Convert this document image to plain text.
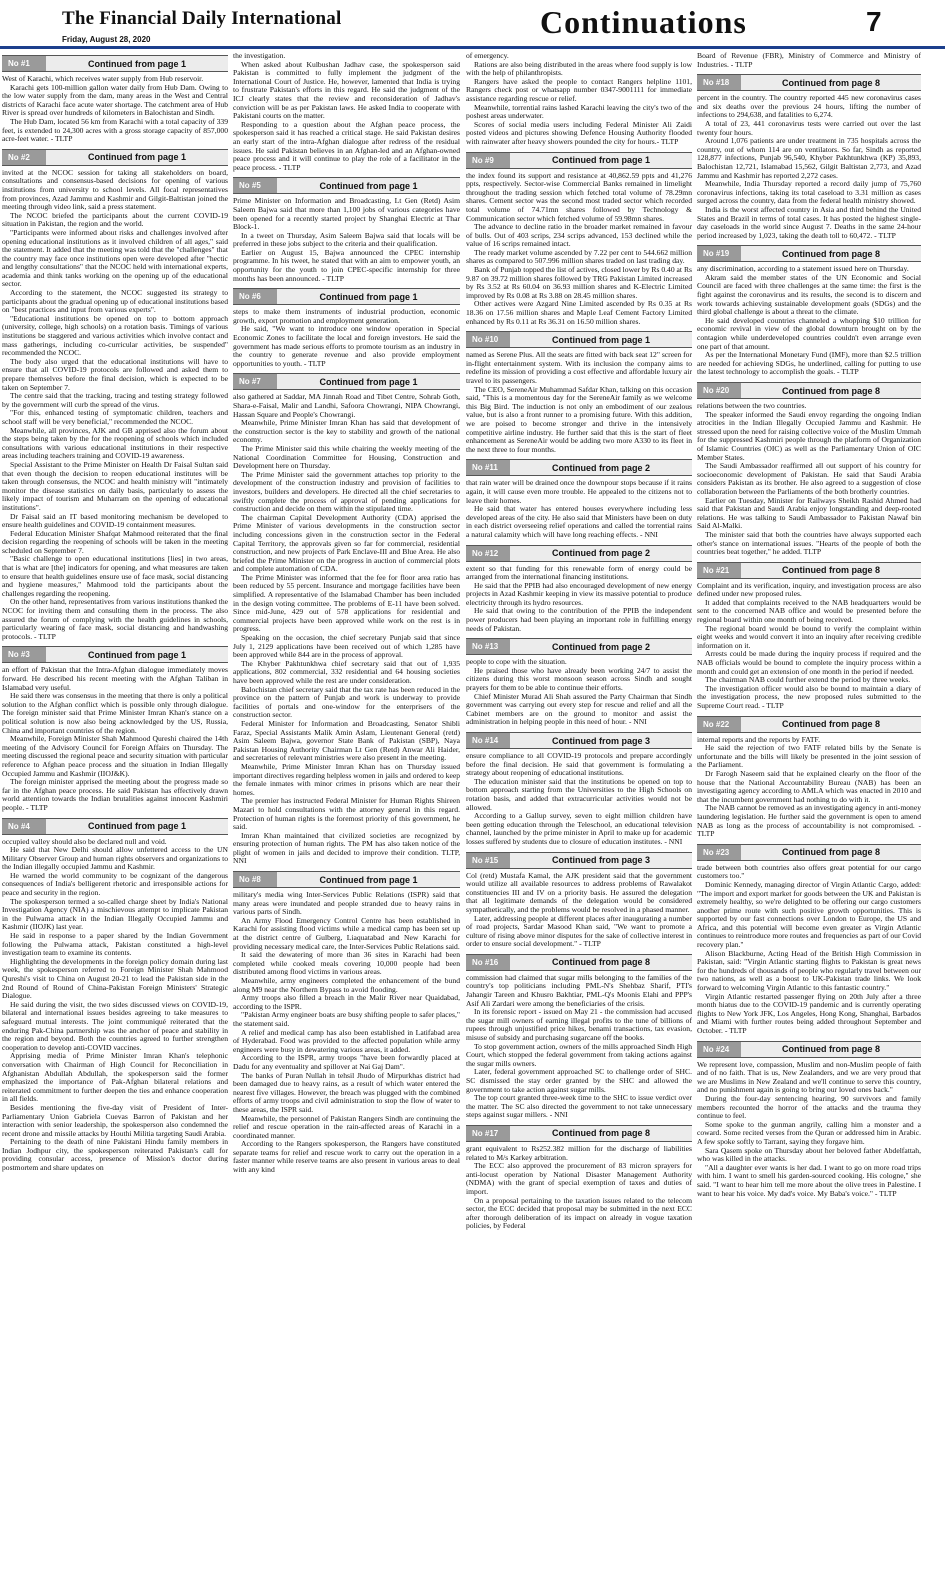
The Financial Daily International
Friday, August 28, 2020	Continuations	7
No #1	Continued from page 1

West of Karachi, which receives water supply from Hub reservoir.

Karachi gets 100-million gallon water daily from Hub Dam. Owing to the low water supply from the dam, many areas in the West and Central districts of Karachi face acute water shortage. The catchment area of Hub River is spread over hundreds of kilometers in Balochistan and Sindh.

The Hub Dam, located 56 km from Karachi with a total capacity of 339 feet, is extended to 24,300 acres with a gross storage capacity of 857,000 acre-feet water. - TLTP

No #2	Continued from page 1

invited at the NCOC session for taking all stakeholders on board, consultations and consensus-based decisions for opening of various institutions from university to school levels. All focal representatives from provinces, Azad Jammu and Kashmir and Gilgit-Baltistan joined the meeting through video link, said a press statement.

The NCOC briefed the participants about the current COVID-19 situation in Pakistan, the region and the world.

"Participants were informed about risks and challenges involved after opening educational institutions as it involved children of all ages," said the statement. It added that the meeting was told that the "challenges" that the country may face once institutions open were developed after "hectic and lengthy consultations" that the NCOC held with international experts, academia and think tanks working on the opening up of the educational sector.

According to the statement, the NCOC suggested its strategy to participants about the gradual opening up of educational institutions based on "best practices and input from various experts".

"Educational institutions be opened on top to bottom approach (university, college, high schools) on a rotation basis. Timings of various institutions be staggered and various activities which involve contact and mass gatherings, including co-curricular activities, be suspended" recommended the NCOC.

The body also urged that the educational institutions will have to ensure that all COVID-19 protocols are followed and asked them to prepare themselves before the final decision, which is expected to be taken on September 7.

The centre said that the tracking, tracing and testing strategy followed by the government will curb the spread of the virus.

"For this, enhanced testing of symptomatic children, teachers and school staff will be very beneficial," recommended the NCOC.

Meanwhile, all provinces, AJK and GB apprised also the forum about the steps being taken by the for the reopening of schools which included consultations with various educational institutions in their respective areas including teachers training and COVID-19 awareness.

Special Assistant to the Prime Minister on Health Dr Faisal Sultan said that even though the decision to reopen educational institutes will be taken through consensus, the NCOC and health ministry will "intimately monitor the disease statistics on daily basis, particularly to assess the likely impact of tourism and Muharram on the opening of educational institutions".

Dr Faisal said an IT based monitoring mechanism be developed to ensure health guidelines and COVID-19 containment measures.

Federal Education Minister Shafqat Mahmood reiterated that the final decision regarding the reopening of schools will be taken in the meeting scheduled on September 7.

"Basic challenge to open educational institutions [lies] in two areas, that is what are [the] indicators for opening, and what measures are taken to ensure that health guidelines ensure use of face mask, social distancing and hygiene measures," Mahmood told the participants about the challenges regarding the reopening.

On the other hand, representatives from various institutions thanked the NCOC for inviting them and consulting them in the process. The also assured the forum of complying with the health guidelines in schools, particularly wearing of face mask, social distancing and handwashing protocols. - TLTP

No #3	Continued from page 1

an effort of Pakistan that the Intra-Afghan dialogue immediately moves forward. He described his recent meeting with the Afghan Taliban in Islamabad very useful.

He said there was consensus in the meeting that there is only a political solution to the Afghan conflict which is possible only through dialogue. The foreign minister said that Prime Minister Imran Khan's stance on a political solution is now also being acknowledged by the US, Russia, China and important countries of the region.

Meanwhile, Foreign Minister Shah Mahmood Qureshi chaired the 14th meeting of the Advisory Council for Foreign Affairs on Thursday. The meeting discussed the regional peace and security situation with particular reference to Afghan peace process and the situation in Indian Illegally Occupied Jammu and Kashmir (IIOJ&K).

The foreign minister apprised the meeting about the progress made so far in the Afghan peace process. He said Pakistan has effectively drawn world attention towards the Indian brutalities against innocent Kashmiri people. - TLTP

No #4	Continued from page 1

occupied valley should also be declared null and void.

He said that New Delhi should allow unfettered access to the UN Military Observer Group and human rights observers and organizations to the Indian illegally occupied Jammu and Kashmir.

He warned the world community to be cognizant of the dangerous consequences of India's belligerent rhetoric and irresponsible actions for peace and security in the region.

The spokesperson termed a so-called charge sheet by India's National Investigation Agency (NIA) a mischievous attempt to implicate Pakistan in the Pulwama attack in the Indian Illegally Occupied Jammu and Kashmir (IIOJK) last year.

He said in response to a paper shared by the Indian Government following the Pulwama attack, Pakistan constituted a high-level investigation team to examine its contents.

Highlighting the developments in the foreign policy domain during last week, the spokesperson referred to Foreign Minister Shah Mahmood Qureshi's visit to China on August 20-21 to lead the Pakistan side in the 2nd Round of Round of China-Pakistan Foreign Ministers' Strategic Dialogue.

He said during the visit, the two sides discussed views on COVID-19, bilateral and international issues besides agreeing to take measures to safeguard mutual interests. The joint communiqué reiterated that the enduring Pak-China partnership was the anchor of peace and stability in the region and beyond. Both the countries agreed to further strengthen cooperation to develop anti-COVID vaccines.

Apprising media of Prime Minister Imran Khan's telephonic conversation with Chairman of High Council for Reconciliation in Afghanistan Abdullah Abdullah, the spokesperson said the former emphasized the importance of Pak-Afghan bilateral relations and reiterated commitment to further deepen the ties and enhance cooperation in all fields.

Besides mentioning the five-day visit of President of Inter-Parliamentary Union Gabriela Cuevas Barron of Pakistan and her interaction with senior leadership, the spokesperson also condemned the recent drone and missile attacks by Houthi Militia targeting Saudi Arabia.

Pertaining to the death of nine Pakistani Hindu family members in Indian Jodhpur city, the spokesperson reiterated Pakistan's call for providing consular access, presence of Mission's doctor during postmortem and share updates on

the investigation.

When asked about Kulbushan Jadhav case, the spokesperson said Pakistan is committed to fully implement the judgment of the International Court of Justice. He, however, lamented that India is trying to frustrate Pakistan's efforts in this regard. He said the judgment of the ICJ clearly states that the review and reconsideration of Jadhav's conviction will be as per Pakistan laws. He asked India to cooperate with Pakistani courts on the matter.

Responding to a question about the Afghan peace process, the spokesperson said it has reached a critical stage. He said Pakistan desires an early start of the intra-Afghan dialogue after redress of the residual issues. He said Pakistan believes in an Afghan-led and an Afghan-owned peace process and it will continue to play the role of a facilitator in the peace process. - TLTP

No #5	Continued from page 1

Prime Minister on Information and Broadcasting, Lt Gen (Retd) Asim Saleem Bajwa said that more than 1,100 jobs of various categories have been opened for a recently started project by Shanghai Electric at Thar Block-1.

In a tweet on Thursday, Asim Saleem Bajwa said that locals will be preferred in these jobs subject to the criteria and their qualification.

Earlier on August 15, Bajwa announced the CPEC internship programme. In his tweet, he stated that with an aim to empower youth, an opportunity for the youth to join CPEC-specific internship for three months has been announced. - TLTP

No #6	Continued from page 1

steps to make them instruments of industrial production, economic growth, export promotion and employment generation.

He said, "We want to introduce one window operation in Special Economic Zones to facilitate the local and foreign investors. He said the government has made serious efforts to promote tourism as an industry in the country to generate revenue and also provide employment opportunities to youth. - TLTP

No #7	Continued from page 1

also gathered at Saddar, MA Jinnah Road and Tibet Centre, Sohrab Goth, Shara-e-Faisal, Malir and Landhi, Safoora Chowrangi, NIPA Chowrangi, Hassan Square and People's Chowrangi.

Meanwhile, Prime Minister Imran Khan has said that development of the construction sector is the key to stability and growth of the national economy.

The Prime Minister said this while chairing the weekly meeting of the National Coordination Committee for Housing, Construction and Development here on Thursday.

The Prime Minister said the government attaches top priority to the development of the construction industry and provision of facilities to investors, builders and developers. He directed all the chief secretaries to swiftly complete the process of approval of pending applications for construction and decide on them within the stipulated time.

The chairman Capital Development Authority (CDA) apprised the Prime Minister of various developments in the construction sector including concessions given in the construction sector in the Federal Capital Territory, the approvals given so far for commercial, residential construction, and new projects of Park Enclave-III and Blue Area. He also briefed the Prime Minister on the progress in auction of commercial plots and complete automation of CDA.

The Prime Minister was informed that the fee for floor area ratio has been reduced by 55 percent. Insurance and mortgage facilities have been simplified. A representative of the Islamabad Chamber has been included in the design voting committee. The problems of E-11 have been solved. Since mid-June, 429 out of 578 applications for residential and commercial projects have been approved while work on the rest is in progress.

Speaking on the occasion, the chief secretary Punjab said that since July 1, 2129 applications have been received out of which 1,285 have been approved while 844 are in the process of approval.

The Khyber Pakhtunkhwa chief secretary said that out of 1,935 applications, 802 commercial, 332 residential and 64 housing societies have been approved while the rest are under consideration.

Balochistan chief secretary said that the tax rate has been reduced in the province on the pattern of Punjab and work is underway to provide facilities of portals and one-window for the enterprisers of the construction sector.

Federal Minister for Information and Broadcasting, Senator Shibli Faraz, Special Assistants Malik Amin Aslam, Lieutenant General (retd) Asim Saleem Bajwa, governor State Bank of Pakistan (SBP), Naya Pakistan Housing Authority Chairman Lt Gen (Retd) Anwar Ali Haider, and secretaries of relevant ministries were also present in the meeting.

Meanwhile, Prime Minister Imran Khan has on Thursday issued important directives regarding helpless women in jails and ordered to keep the female inmates with minor crimes in prisons which are near their homes.

The premier has instructed Federal Minister for Human Rights Shireen Mazari to hold consultations with the attorney general in this regard. Protection of human rights is the foremost priority of this government, he said.

Imran Khan maintained that civilized societies are recognized by ensuring protection of human rights. The PM has also taken notice of the plight of women in jails and decided to improve their condition. TLTP, NNI

No #8	Continued from page 1

military's media wing Inter-Services Public Relations (ISPR) said that many areas were inundated and people stranded due to heavy rains in various parts of Sindh.

An Army Flood Emergency Control Centre has been established in Karachi for assisting flood victims while a medical camp has been set up at the district centre of Gulberg, Liaquatabad and New Karachi for providing necessary medical care, the Inter-Services Public Relations said.

It said the dewatering of more than 36 sites in Karachi had been completed while cooked meals covering 10,000 people had been distributed among flood victims in various areas.

Meanwhile, army engineers completed the enhancement of the bund along M9 near the Northern Bypass to avoid flooding.

Army troops also filled a breach in the Malir River near Quaidabad, according to the ISPR.

"Pakistan Army engineer boats are busy shifting people to safer places," the statement said.

A relief and medical camp has also been established in Latifabad area of Hyderabad. Food was provided to the affected population while army engineers were busy in dewatering various areas, it added.

According to the ISPR, army troops "have been forwardly placed at Dadu for any eventuality and spillover at Nai Gaj Dam".

The banks of Puran Nullah in tehsil Jhudo of Mirpurkhas district had been damaged due to heavy rains, as a result of which water entered the nearest five villages. However, the breach was plugged with the combined efforts of army troops and civil administration to stop the flow of water to these areas, the ISPR said.

Meanwhile, the personnel of Pakistan Rangers Sindh are continuing the relief and rescue operation in the rain-affected areas of Karachi in a coordinated manner.

According to the Rangers spokesperson, the Rangers have constituted separate teams for relief and rescue work to carry out the operation in a faster manner while reserve teams are also present in various areas to deal with any kind

of emergency.

Rations are also being distributed in the areas where food supply is low with the help of philanthropists.

Rangers have asked the people to contact Rangers helpline 1101, Rangers check post or whatsapp number 0347-9001111 for immediate assistance regarding rescue or relief.

Meanwhile, torrential rains lashed Karachi leaving the city's two of the poshest areas underwater.

Scores of social media users including Federal Minister Ali Zaidi posted videos and pictures showing Defence Housing Authority flooded with rainwater after heavy showers pounded the city for hours.- TLTP

No #9	Continued from page 1

the index found its support and resistance at 40,862.59 ppts and 41,276 ppts, respectively. Sector-wise Commercial Banks remained in limelight throughout the trading session which fetched total volume of 78.29mn shares. Cement sector was the second most traded sector which recorded total volume of 74.71mn shares followed by Technology & Communication sector which fetched volume of 59.98mn shares.

The advance to decline ratio in the broader market remained in favour of bulls. Out of 403 scrips, 234 scrips advanced, 153 declined while the value of 16 scrips remained intact.

The ready market volume ascended by 7.22 per cent to 544.662 million shares as compared to 507.996 million shares traded on last trading day.

Bank of Punjab topped the list of actives, closed lower by Rs 0.40 at Rs 9.87 on 39.72 million shares followed by TRG Pakistan Limited increased by Rs 3.52 at Rs 60.04 on 36.93 million shares and K-Electric Limited improved by Rs 0.08 at Rs 3.88 on 28.45 million shares.

Other actives were Azgard Nine Limited ascended by Rs 0.35 at Rs 18.36 on 17.56 million shares and Maple Leaf Cement Factory Limited enhanced by Rs 0.11 at Rs 36.31 on 16.50 million shares.

No #10	Continued from page 1

named as Serene Plus. All the seats are fitted with back seat 12" screen for in-flight entertainment system. With its inclusion the company aims to redefine its mission of providing a cost effective and affordable luxury air travel to its passengers.

The CEO, SereneAir Muhammad Safdar Khan, talking on this occasion said, "This is a momentous day for the SereneAir family as we welcome this Big Bird. The induction is not only an embodiment of our zealous value, but is also a front runner to a promising future. With this addition, we are poised to become stronger and thrive in the intensively competitive airline industry. He further said that this is the start of fleet enhancement as SereneAir would be adding two more A330 to its fleet in the next three to four months.

No #11	Continued from page 2

that rain water will be drained once the downpour stops because if it rains again, it will cause even more trouble. He appealed to the citizens not to leave their homes.

He said that water has entered houses everywhere including less developed areas of the city. He also said that Ministers have been on duty in each district overseeing relief operations and called the torrential rains a natural calamity which will have long reaching effects. - NNI

No #12	Continued from page 2

extent so that funding for this renewable form of energy could be arranged from the international financing institutions.

He said that the PPIB had also encouraged development of new energy projects in Azad Kashmir keeping in view its massive potential to produce electricity through its hydro resources.

He said that owing to the contribution of the PPIB the independent power producers had been playing an important role in fulfilling energy needs of Pakistan.

No #13	Continued from page 2

people to cope with the situation.

He praised those who have already been working 24/7 to assist the citizens during this worst monsoon season across Sindh and sought prayers for them to be able to continue their efforts.

Chief Minister Murad Ali Shah assured the Party Chairman that Sindh government was carrying out every step for rescue and relief and all the Cabinet members are on the ground to monitor and assist the administration in helping people in this need of hour. - NNI

No #14	Continued from page 3

ensure compliance to all COVID-19 protocols and prepare accordingly before the final decision. He said that government is formulating a strategy about reopening of educational institutions.

The education minister said that the institutions be opened on top to bottom approach starting from the Universities to the High Schools on rotation basis, and added that extracurricular activities would not be allowed.

According to a Gallup survey, seven to eight million children have been getting education through the Teleschool, an educational television channel, launched by the prime minister in April to make up for academic losses suffered by students due to closure of education institutes. - NNI

No #15	Continued from page 3

Col (retd) Mustafa Kamal, the AJK president said that the government would utilize all available resources to address problems of Rawalakot constituencies III and IV on a priority basis. He assured the delegation that all legitimate demands of the delegation would be considered sympathetically, and the problems would be resolved in a phased manner.

Later, addressing people at different places after inaugurating a number of road projects, Sardar Masood Khan said, "We want to promote a culture of rising above minor disputes for the sake of collective interest in order to ensure social development." - TLTP

No #16	Continued from page 8

commission had claimed that sugar mills belonging to the families of the country's top politicians including PML-N's Shehbaz Sharif, PTI's Jahangir Tareen and Khusro Bakhtiar, PML-Q's Moonis Elahi and PPP's Asif Ali Zardari were among the beneficiaries of the crisis.

In its forensic report - issued on May 21 - the commission had accused the sugar mill owners of earning illegal profits to the tune of billions of rupees through unjustified price hikes, benami transactions, tax evasion, misuse of subsidy and purchasing sugarcane off the books.

To stop government action, owners of the mills approached Sindh High Court, which stopped the federal government from taking actions against the sugar mills owners.

Later, federal government approached SC to challenge order of SHC. SC dismissed the stay order granted by the SHC and allowed the government to take action against sugar mills.

The top court granted three-week time to the SHC to issue verdict over the matter. The SC also directed the government to not take unnecessary steps against sugar millers. - NNI

No #17	Continued from page 8

grant equivalent to Rs252.382 million for the discharge of liabilities related to M/s Karkey arbitration.

The ECC also approved the procurement of 83 micron sprayers for anti-locust operation by National Disaster Management Authority (NDMA) with the grant of special exemption of taxes and duties of import.

On a proposal pertaining to the taxation issues related to the telecom sector, the ECC decided that proposal may be submitted in the next ECC after thorough deliberation of its impact on already in vogue taxation policies, by Federal

Board of Revenue (FBR), Ministry of Commerce and Ministry of Industries. - TLTP

No #18	Continued from page 8

percent in the country. The country reported 445 new coronavirus cases and six deaths over the previous 24 hours, lifting the number of infections to 294,638, and fatalities to 6,274.

A total of 23, 441 coronavirus tests were carried out over the last twenty four hours.

Around 1,076 patients are under treatment in 735 hospitals across the country, out of whom 114 are on ventilators. So far, Sindh as reported 128,877 infections, Punjab 96,540, Khyber Pakhtunkhwa (KP) 35,893, Balochistan 12,721, Islamabad 15,562, Gilgit Baltistan 2,773, and Azad Jammu and Kashmir has reported 2,272 cases.

Meanwhile, India Thursday reported a record daily jump of 75,760 coronavirus infections, taking its total caseload to 3.31 million as cases surged across the country, data from the federal health ministry showed.

India is the worst affected country in Asia and third behind the United States and Brazil in terms of total cases. It has posted the highest single-day caseloads in the world since August 7. Deaths in the same 24-hour period increased by 1,023, taking the death toll to 60,472. - TLTP

No #19	Continued from page 8

any discrimination, according to a statement issued here on Thursday.

Akram said the member states of the UN Economic and Social Council are faced with three challenges at the same time: the first is the fight against the coronavirus and its results, the second is to discern and work towards achieving sustainable development goals (SDGs) and the third global challenge is about a threat to the climate.

He said developed countries channeled a whopping $10 trillion for economic revival in view of the global downturn brought on by the contagion while underdeveloped countries couldn't even arrange even one part of that amount.

As per the International Monetary Fund (IMF), more than $2.5 trillion are needed for achieving SDGs, he underlined, calling for putting to use the latest technology to accomplish the goals. - TLTP

No #20	Continued from page 8

relations between the two countries.

The speaker informed the Saudi envoy regarding the ongoing Indian atrocities in the Indian Illegally Occupied Jammu and Kashmir. He stressed upon the need for raising collective voice of the Muslim Ummah for the suppressed Kashmiri people through the platform of Organization of Islamic Countries (OIC) as well as the Parliamentary Union of OIC Member States.

The Saudi Ambassador reaffirmed all out support of his country for socioeconomic development of Pakistan. He said that Saudi Arabia considers Pakistan as its brother. He also agreed to a suggestion of close collaboration between the Parliaments of the both brotherly countries.

Earlier on Tuesday, Minister for Railways Sheikh Rashid Ahmed had said that Pakistan and Saudi Arabia enjoy longstanding and deep-rooted relations. He was talking to Saudi Ambassador to Pakistan Nawaf bin Said Al-Malki.

The minister said that both the countries have always supported each other's stance on international issues. "Hearts of the people of both the countries beat together," he added. TLTP

No #21	Continued from page 8

Complaint and its verification, inquiry, and investigation process are also defined under new proposed rules.

It added that complaints received to the NAB headquarters would be sent to the concerned NAB office and would be presented before the regional board within one month of being received.

The regional board would be bound to verify the complaint within eight weeks and would convert it into an inquiry after receiving credible information on it.

Arrests could be made during the inquiry process if required and the NAB officials would be bound to complete the inquiry process within a month and could get an extension of one month in the period if needed.

The chairman NAB could further extend the period by three weeks.

The investigation officer would also be bound to maintain a diary of the investigation process, the new proposed rules submitted to the Supreme Court read. - TLTP

No #22	Continued from page 8

internal reports and the reports by FATF.

He said the rejection of two FATF related bills by the Senate is unfortunate and the bills will likely be presented in the joint session of the Parliament.

Dr Farogh Naseem said that he explained clearly on the floor of the house that the National Accountability Bureau (NAB) has been an investigating agency according to AMLA which was enacted in 2010 and that the incumbent government had nothing to do with it.

The NAB cannot be removed as an investigating agency in anti-money laundering legislation. He further said the government is open to amend NAB as long as the process of accountability is not compromised. - TLTP

No #23	Continued from page 8

trade between both countries also offers great potential for our cargo customers too."

Dominic Kennedy, managing director of Virgin Atlantic Cargo, added: "The import and export market for goods between the UK and Pakistan is extremely healthy, so we're delighted to be offering our cargo customers another prime route with such positive growth opportunities. This is supported by our fast connections over London to Europe, the US and Africa, and this potential will become even greater as Virgin Atlantic continues to reintroduce more routes and frequencies as part of our Covid recovery plan."

Alison Blackburne, Acting Head of the British High Commission in Pakistan, said: "Virgin Atlantic starting flights to Pakistan is great news for the hundreds of thousands of people who regularly travel between our two nations, as well as a boost to UK-Pakistan trade links. We look forward to welcoming Virgin Atlantic to this fantastic country."

Virgin Atlantic restarted passenger flying on 20th July after a three month hiatus due to the COVID-19 pandemic and is currently operating flights to New York JFK, Los Angeles, Hong Kong, Shanghai, Barbados and Miami with further routes being added throughout September and October. - TLTP

No #24	Continued from page 8

We represent love, compassion, Muslim and non-Muslim people of faith and of no faith. That is us, New Zealanders, and we are very proud that we are Muslims in New Zealand and we'll continue to serve this country, and no punishment again is going to bring our loved ones back."

During the four-day sentencing hearing, 90 survivors and family members recounted the horror of the attacks and the trauma they continue to feel.

Some spoke to the gunman angrily, calling him a monster and a coward. Some recited verses from the Quran or addressed him in Arabic. A few spoke softly to Tarrant, saying they forgave him.

Sara Qasem spoke on Thursday about her beloved father Abdelfattah, who was killed in the attacks.

"All a daughter ever wants is her dad. I want to go on more road trips with him. I want to smell his garden-sourced cooking. His cologne," she said. "I want to hear him tell me more about the olive trees in Palestine. I want to hear his voice. My dad's voice. My Baba's voice." - TLTP
